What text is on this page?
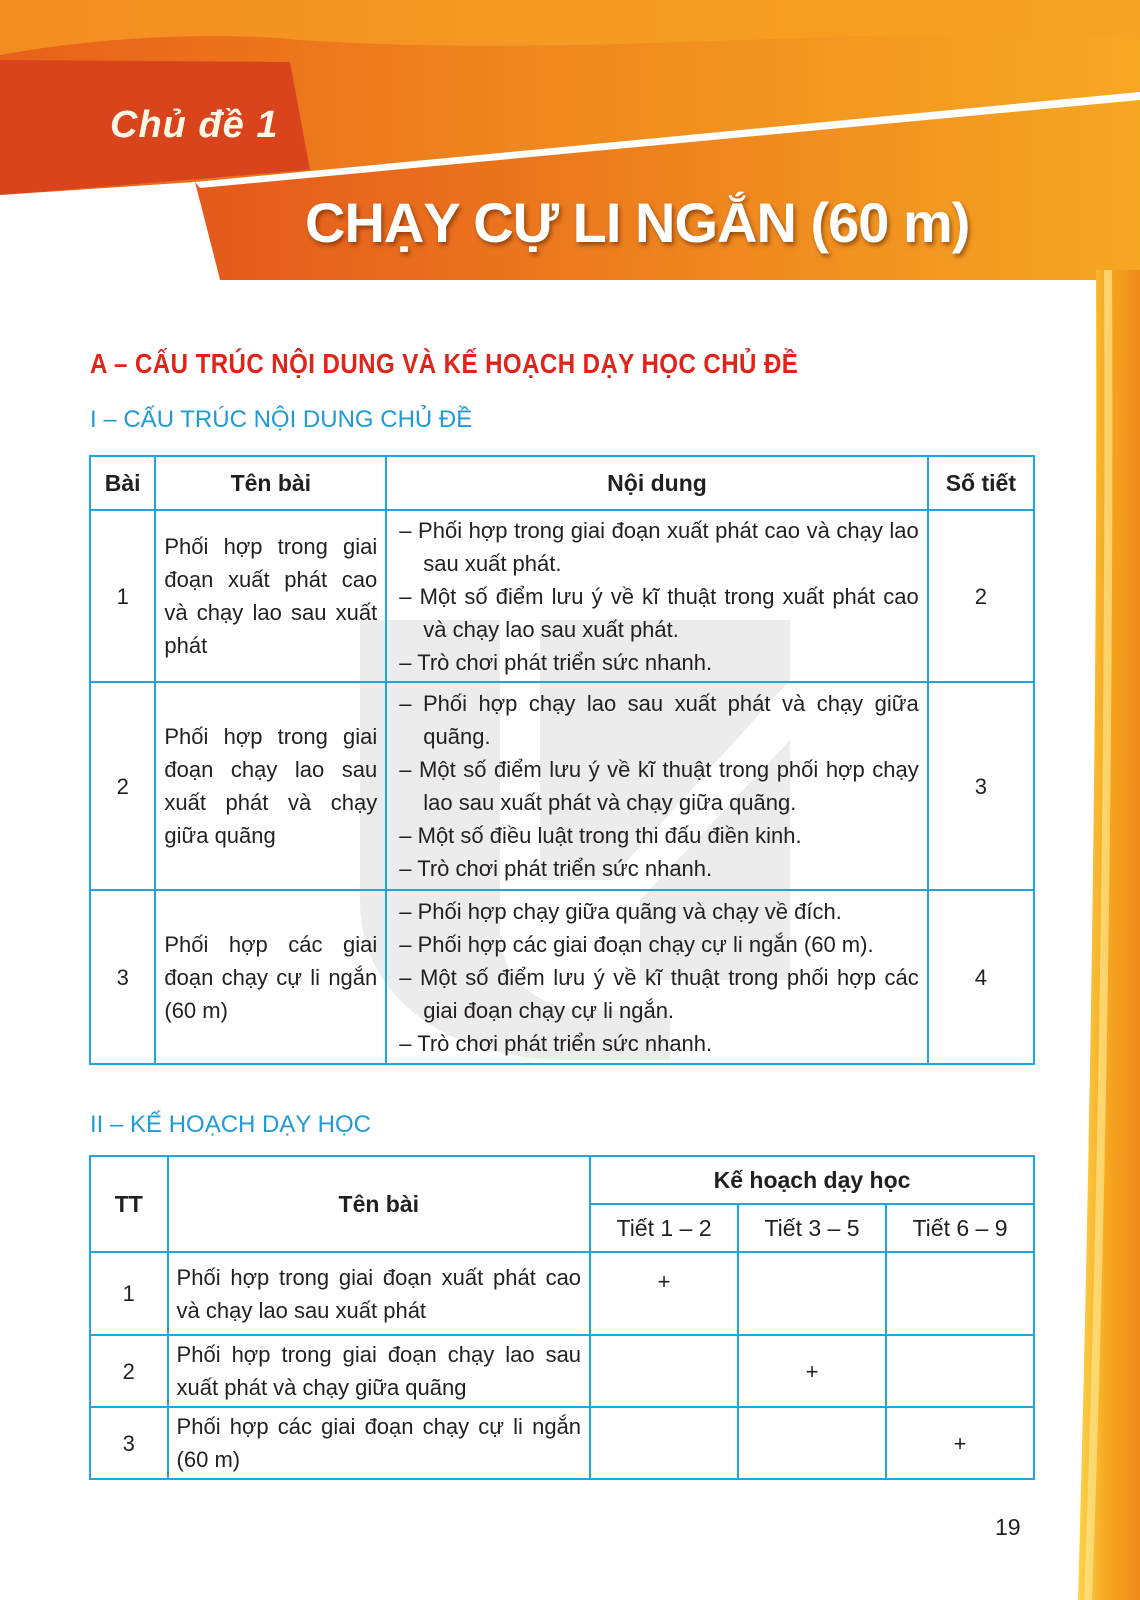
Chủ đề 1
CHẠY CỰ LI NGẮN (60 m)
A – CẤU TRÚC NỘI DUNG VÀ KẾ HOẠCH DẠY HỌC CHỦ ĐỀ
I – CẤU TRÚC NỘI DUNG CHỦ ĐỀ
Bài	Tên bài	Nội dung	Số tiết
1	Phối hợp trong giai đoạn xuất phát cao và chạy lao sau xuất phát	– Phối hợp trong giai đoạn xuất phát cao và chạy lao sau xuất phát.
– Một số điểm lưu ý về kĩ thuật trong xuất phát cao và chạy lao sau xuất phát.
– Trò chơi phát triển sức nhanh.	2
2	Phối hợp trong giai đoạn chạy lao sau xuất phát và chạy giữa quãng	– Phối hợp chạy lao sau xuất phát và chạy giữa quãng.
– Một số điểm lưu ý về kĩ thuật trong phối hợp chạy lao sau xuất phát và chạy giữa quãng.
– Một số điều luật trong thi đấu điền kinh.
– Trò chơi phát triển sức nhanh.	3
3	Phối hợp các giai đoạn chạy cự li ngắn (60 m)	– Phối hợp chạy giữa quãng và chạy về đích.
– Phối hợp các giai đoạn chạy cự li ngắn (60 m).
– Một số điểm lưu ý về kĩ thuật trong phối hợp các giai đoạn chạy cự li ngắn.
– Trò chơi phát triển sức nhanh.	4
II – KẾ HOẠCH DẠY HỌC
TT	Tên bài	Kế hoạch dạy học		
		Tiết 1 – 2	Tiết 3 – 5	Tiết 6 – 9
1	Phối hợp trong giai đoạn xuất phát cao và chạy lao sau xuất phát	+		
2	Phối hợp trong giai đoạn chạy lao sau xuất phát và chạy giữa quãng		+	
3	Phối hợp các giai đoạn chạy cự li ngắn (60 m)			+
19
